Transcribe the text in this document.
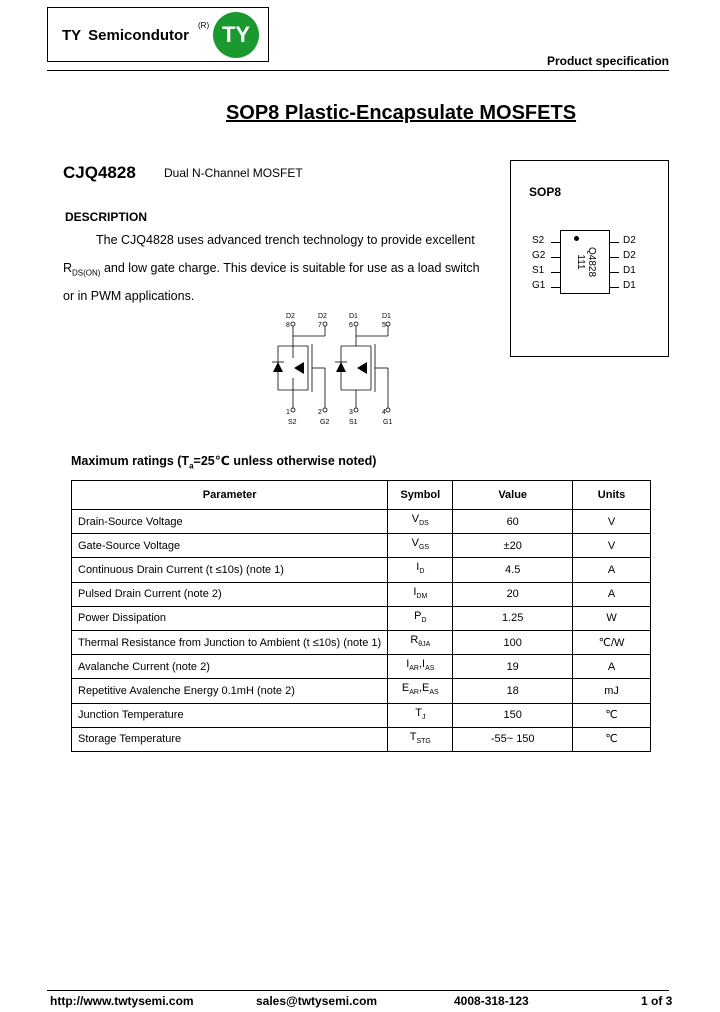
TY Semicondutor
(R) TY
Product specification
SOP8 Plastic-Encapsulate MOSFETS
CJQ4828 Dual N-Channel MOSFET
DESCRIPTION
The CJQ4828 uses advanced trench technology to provide excellent
$R_{DS(ON)}$ and low gate charge. This device is suitable for use as a load switch
or in PWM applications.
SOP8
Q4828
111
S2
G2
S1
G1
D2
D2
D1
D1
D2	D2	D1	D1
8	7	6	5
1	2	3	4
S2	G2	S1	G1
Maximum ratings ($T_a=25℃$ unless otherwise noted)
Parameter	Symbol	Value	Units
Drain-Source Voltage	$V_{DS}$	60	V
Gate-Source Voltage	$V_{GS}$	±20	V
Continuous Drain Current (t ≤10s) (note 1)	$I_D$	4.5	A
Pulsed Drain Current (note 2)	$I_{DM}$	20	A
Power Dissipation	$P_D$	1.25	W
Thermal Resistance from Junction to Ambient (t ≤10s) (note 1)	$R_{\theta JA}$	100	℃/W
Avalanche Current (note 2)	$I_{AR},I_{AS}$	19	A
Repetitive Avalenche Energy 0.1mH (note 2)	$E_{AR},E_{AS}$	18	mJ
Junction Temperature	$T_J$	150	℃
Storage Temperature	$T_{STG}$	-55~ 150	℃
http://www.twtysemi.com	sales@twtysemi.com	4008-318-123	1 of 3
